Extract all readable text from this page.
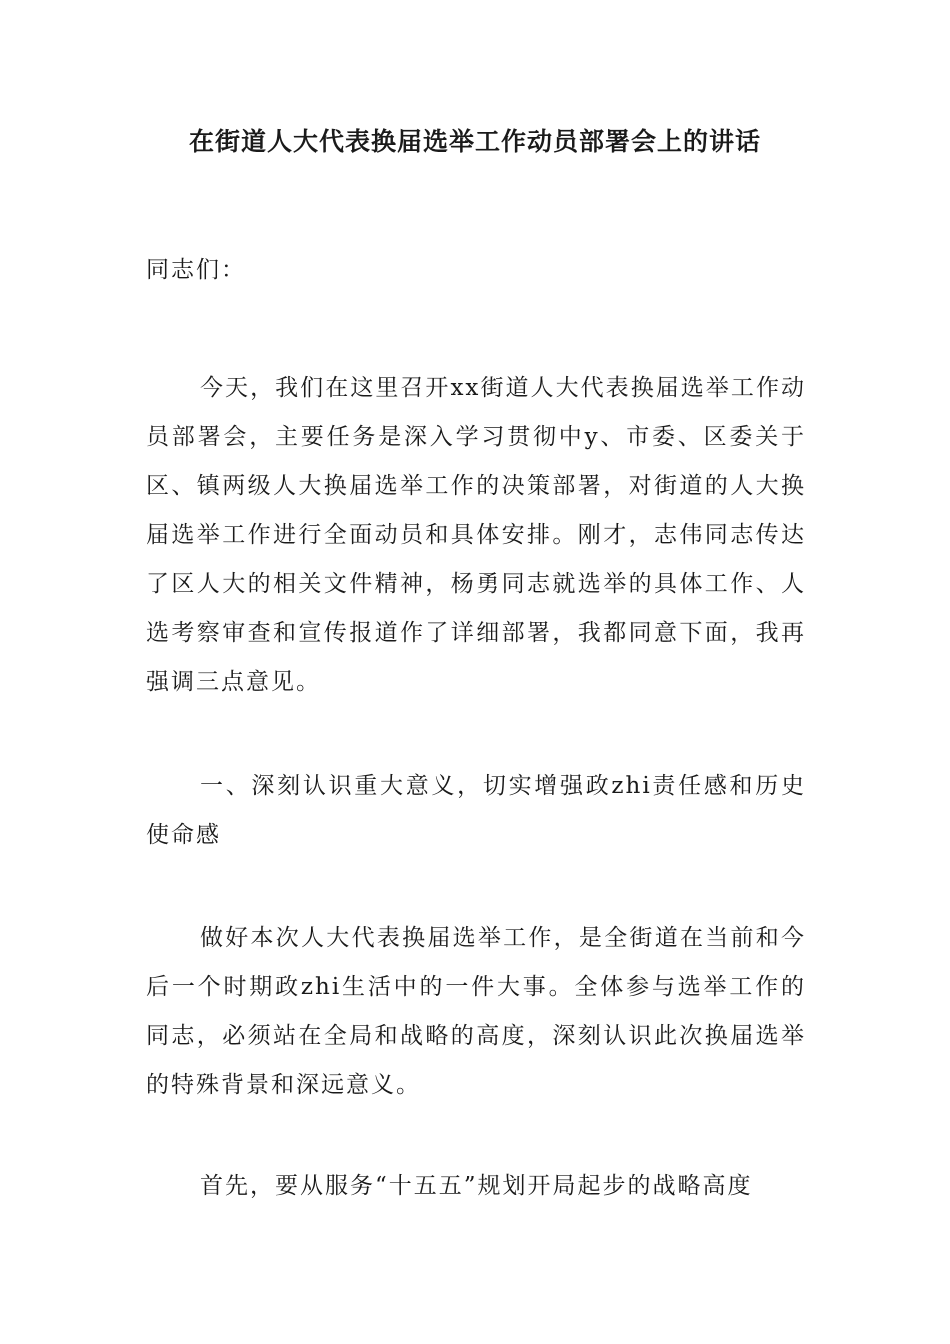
在街道人大代表换届选举工作动员部署会上的讲话

同志们：

今天，我们在这里召开xx街道人大代表换届选举工作动员部署会，主要任务是深入学习贯彻中y、市委、区委关于区、镇两级人大换届选举工作的决策部署，对街道的人大换届选举工作进行全面动员和具体安排。刚才，志伟同志传达了区人大的相关文件精神，杨勇同志就选举的具体工作、人选考察审查和宣传报道作了详细部署，我都同意下面，我再强调三点意见。

一、深刻认识重大意义，切实增强政zhi责任感和历史使命感

做好本次人大代表换届选举工作，是全街道在当前和今后一个时期政zhi生活中的一件大事。全体参与选举工作的同志，必须站在全局和战略的高度，深刻认识此次换届选举的特殊背景和深远意义。

首先，要从服务“十五五”规划开局起步的战略高度
